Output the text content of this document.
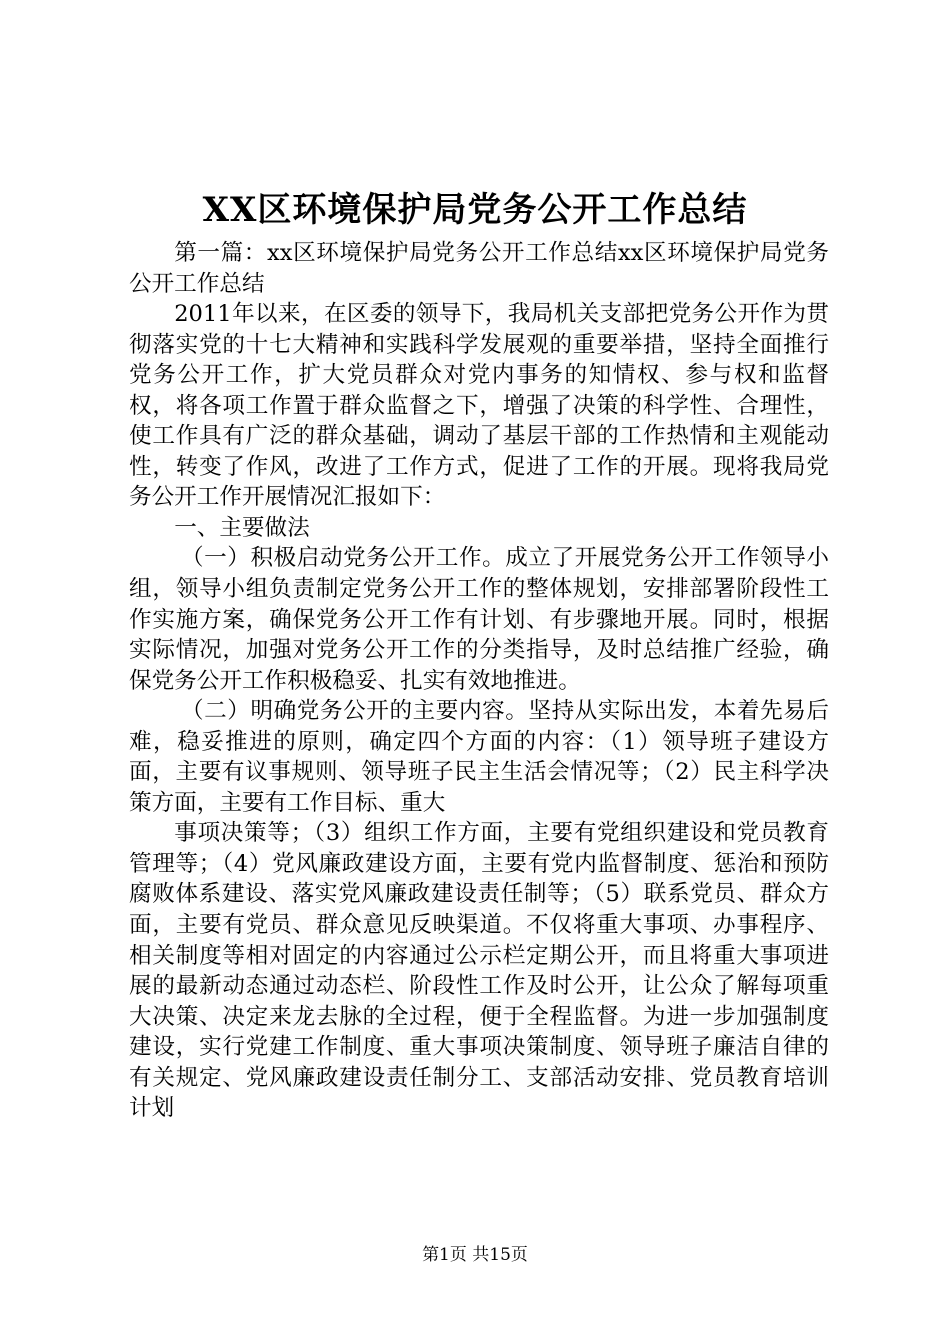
XX区环境保护局党务公开工作总结

第一篇：xx区环境保护局党务公开工作总结xx区环境保护局党务公开工作总结

2011年以来，在区委的领导下，我局机关支部把党务公开作为贯彻落实党的十七大精神和实践科学发展观的重要举措，坚持全面推行党务公开工作，扩大党员群众对党内事务的知情权、参与权和监督权，将各项工作置于群众监督之下，增强了决策的科学性、合理性，使工作具有广泛的群众基础，调动了基层干部的工作热情和主观能动性，转变了作风，改进了工作方式，促进了工作的开展。现将我局党务公开工作开展情况汇报如下：

一、主要做法

（一）积极启动党务公开工作。成立了开展党务公开工作领导小组，领导小组负责制定党务公开工作的整体规划，安排部署阶段性工作实施方案，确保党务公开工作有计划、有步骤地开展。同时，根据实际情况，加强对党务公开工作的分类指导，及时总结推广经验，确保党务公开工作积极稳妥、扎实有效地推进。

（二）明确党务公开的主要内容。坚持从实际出发，本着先易后难，稳妥推进的原则，确定四个方面的内容：（1）领导班子建设方面，主要有议事规则、领导班子民主生活会情况等；（2）民主科学决策方面，主要有工作目标、重大

事项决策等；（3）组织工作方面，主要有党组织建设和党员教育管理等；（4）党风廉政建设方面，主要有党内监督制度、惩治和预防腐败体系建设、落实党风廉政建设责任制等；（5）联系党员、群众方面，主要有党员、群众意见反映渠道。不仅将重大事项、办事程序、相关制度等相对固定的内容通过公示栏定期公开，而且将重大事项进展的最新动态通过动态栏、阶段性工作及时公开，让公众了解每项重大决策、决定来龙去脉的全过程，便于全程监督。为进一步加强制度建设，实行党建工作制度、重大事项决策制度、领导班子廉洁自律的有关规定、党风廉政建设责任制分工、支部活动安排、党员教育培训计划

第1页 共15页
